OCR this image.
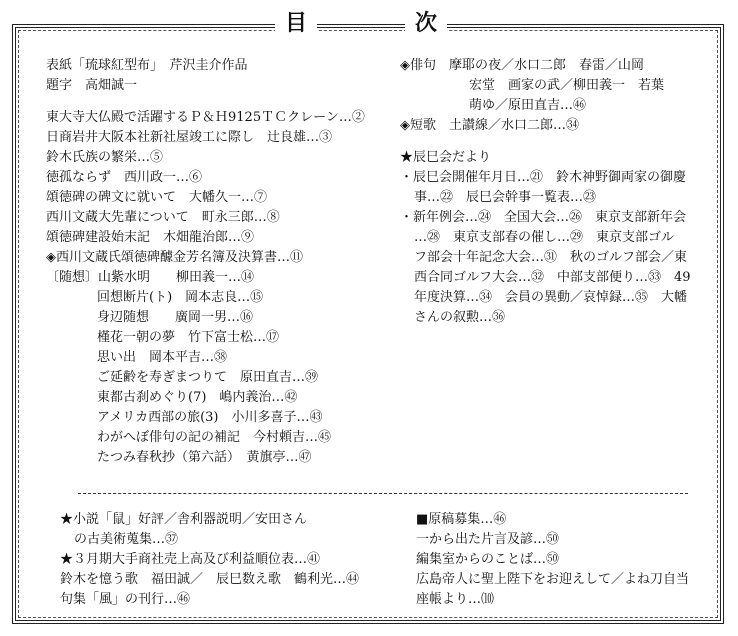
目	次
表紙「琉球紅型布」　芹沢圭介作品
題字　高畑誠一
東大寺大仏殿で活躍するＰ＆Ｈ9125ＴＣクレーン…②
日商岩井大阪本社新社屋竣工に際し　辻良雄…③
鈴木氏族の繁栄…⑤
徳孤ならず　西川政一…⑥
頌徳碑の碑文に就いて　大幡久一…⑦
西川文蔵大先輩について　町永三郎…⑧
頌徳碑建設始末記　木畑龍治郎…⑨
◈西川文蔵氏頌徳碑醵金芳名簿及決算書…⑪
〔随想〕山紫水明　　柳田義一…⑭
回想断片(ト)　岡本志良…⑮
身辺随想　　廣岡一男…⑯
槿花一朝の夢　竹下富士松…⑰
思い出　岡本平吉…㊳
ご延齢を寿ぎまつりて　原田直吉…㊴
東都古刹めぐり(7)　嶋内義治…㊷
アメリカ西部の旅(3)　小川多喜子…㊸
わがへぼ俳句の記の補記　今村頼吉…㊺
たつみ春秋抄（第六話）　黄旗亭…㊼
◈俳句　摩耶の夜／水口二郎　春雷／山岡
宏堂　画家の武／柳田義一　若葉
萌ゆ／原田直吉…㊻
◈短歌　土讃線／水口二郎…㉞
★辰巳会だより
・辰巳会開催年月日…㉑　鈴木神野御両家の御慶
事…㉒　辰巳会幹事一覧表…㉓
・新年例会…㉔　全国大会…㉖　東京支部新年会
…㉘　東京支部春の催し…㉙　東京支部ゴル
フ部会十年記念大会…㉛　秋のゴルフ部会／東
西合同ゴルフ大会…㉜　中部支部便り…㉝　49
年度決算…㉞　会員の異動／哀悼録…㉟　大幡
さんの叙勲…㊱
★小説「鼠」好評／舎利器説明／安田さん
の古美術蒐集…㊲
★３月期大手商社売上高及び利益順位表…㊶
鈴木を憶う歌　福田誠／　辰巳数え歌　鶴利光…㊹
句集「風」の刊行…㊻
■原稿募集…㊻
一から出た片言及諺…㊿
編集室からのことば…㊿
広島帝人に聖上陛下をお迎えして／よね刀自当
座帳より…⑽
